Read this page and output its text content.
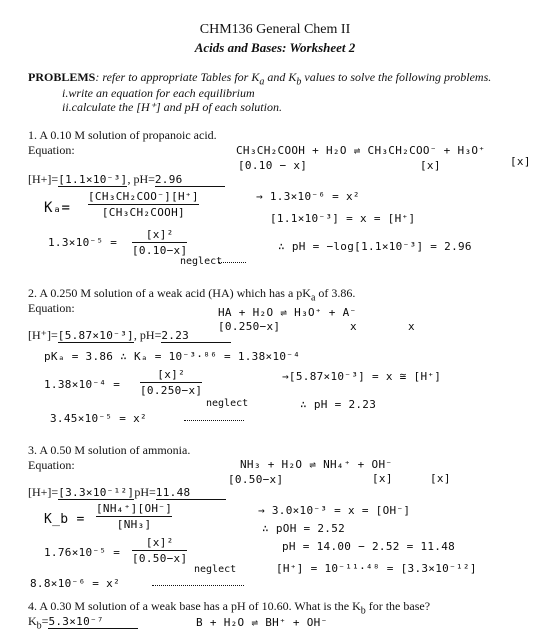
CHM136 General Chem II
Acids and Bases: Worksheet 2
PROBLEMS: refer to appropriate Tables for $K_a$ and $K_b$ values to solve the following problems.
i.write an equation for each equilibrium
ii.calculate the [H⁺] and pH of each solution.
1. A 0.10 M solution of propanoic acid.
Equation:	CH₃CH₂COOH + H₂O ⇌ CH₃CH₂COO⁻ + H₃O⁺
[0.10 − x]	[x]	[x]
[H+]=[1.1×10⁻³], pH=2.96
Kₐ=
[CH₃CH₂COO⁻][H⁺]
[CH₃CH₂COOH]
1.3×10⁻⁵ =
[x]²
[0.10−x]
neglect
→ 1.3×10⁻⁶ = x²
[1.1×10⁻³] = x = [H⁺]
∴ pH = −log[1.1×10⁻³] = 2.96
2. A 0.250 M solution of a weak acid (HA) which has a $pK_a$ of 3.86.
Equation:	HA + H₂O ⇌ H₃O⁺ + A⁻
[0.250−x]	x	x
[H⁺]=[5.87×10⁻³], pH=2.23
pKₐ = 3.86 ∴ Kₐ = 10⁻³·⁸⁶ = 1.38×10⁻⁴
1.38×10⁻⁴ =
[x]²
[0.250−x]
neglect
3.45×10⁻⁵ = x²
→[5.87×10⁻³] = x ≅ [H⁺]
∴ pH = 2.23
3. A 0.50 M solution of ammonia.
Equation:	NH₃ + H₂O ⇌ NH₄⁺ + OH⁻
[0.50−x]	[x]	[x]
[H+]=[3.3×10⁻¹²]pH=11.48
K_b =
[NH₄⁺][OH⁻]
[NH₃]
1.76×10⁻⁵ =
[x]²
[0.50−x]
neglect
8.8×10⁻⁶ = x²
→ 3.0×10⁻³ = x = [OH⁻]
∴ pOH = 2.52
pH = 14.00 − 2.52 = 11.48
[H⁺] = 10⁻¹¹·⁴⁸ = [3.3×10⁻¹²]
4. A 0.30 M solution of a weak base has a pH of 10.60. What is the $K_b$ for the base?
$K_b=5.3\times 10^{-7}$	B + H₂O ⇌ BH⁺ + OH⁻
